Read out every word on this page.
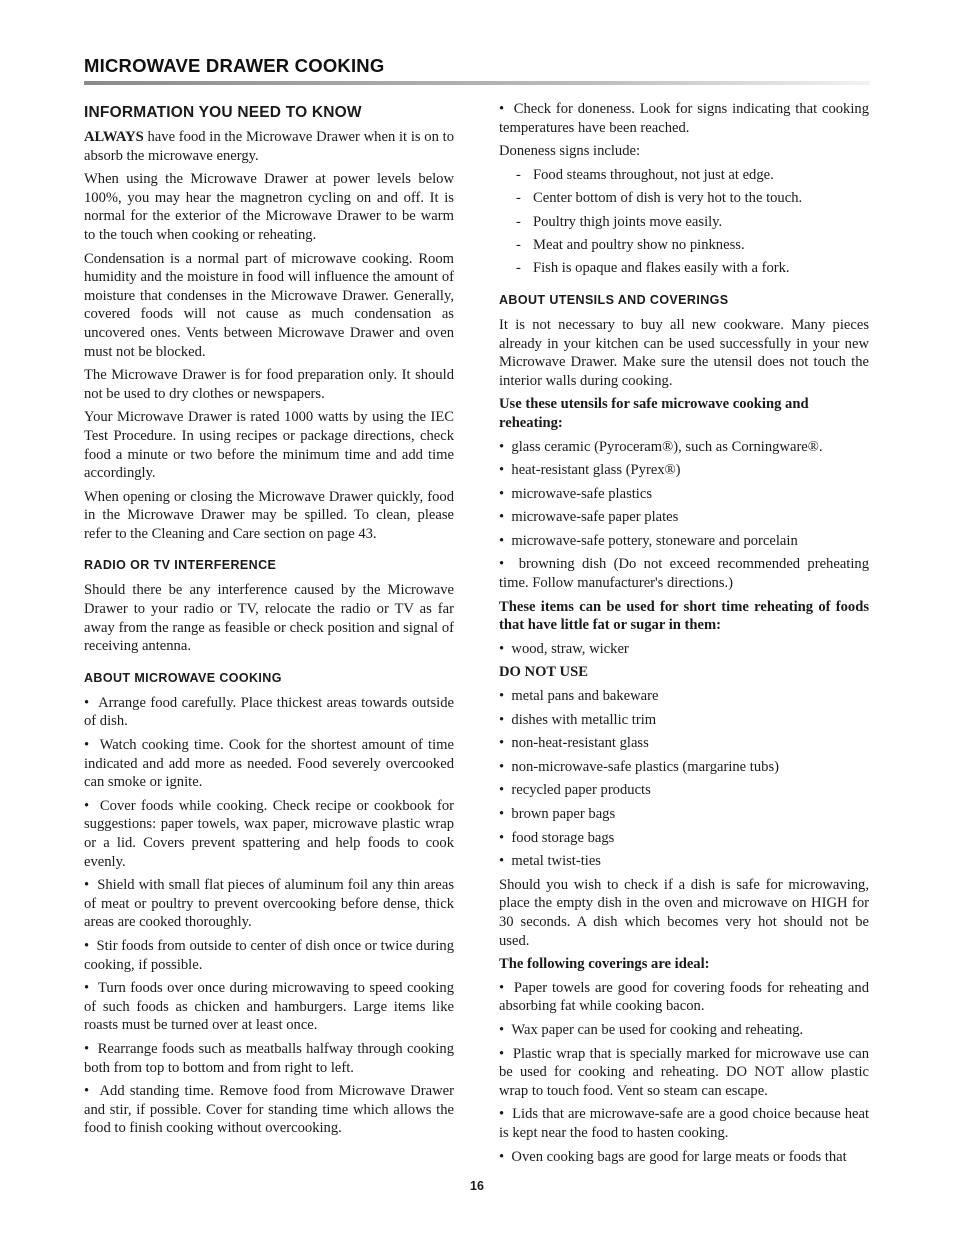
MICROWAVE DRAWER COOKING
INFORMATION YOU NEED TO KNOW

ALWAYS have food in the Microwave Drawer when it is on to absorb the microwave energy.

When using the Microwave Drawer at power levels below 100%, you may hear the magnetron cycling on and off. It is normal for the exterior of the Microwave Drawer to be warm to the touch when cooking or reheating.

Condensation is a normal part of microwave cooking. Room humidity and the moisture in food will influence the amount of moisture that condenses in the Microwave Drawer. Generally, covered foods will not cause as much condensation as uncovered ones. Vents between Microwave Drawer and oven must not be blocked.

The Microwave Drawer is for food preparation only. It should not be used to dry clothes or newspapers.

Your Microwave Drawer is rated 1000 watts by using the IEC Test Procedure. In using recipes or package directions, check food a minute or two before the minimum time and add time accordingly.

When opening or closing the Microwave Drawer quickly, food in the Microwave Drawer may be spilled. To clean, please refer to the Cleaning and Care section on page 43.

RADIO OR TV INTERFERENCE

Should there be any interference caused by the Microwave Drawer to your radio or TV, relocate the radio or TV as far away from the range as feasible or check position and signal of receiving antenna.

ABOUT MICROWAVE COOKING

•  Arrange food carefully. Place thickest areas towards outside of dish.

•  Watch cooking time. Cook for the shortest amount of time indicated and add more as needed. Food severely overcooked can smoke or ignite.

•  Cover foods while cooking. Check recipe or cookbook for suggestions: paper towels, wax paper, microwave plastic wrap or a lid. Covers prevent spattering and help foods to cook evenly.

•  Shield with small flat pieces of aluminum foil any thin areas of meat or poultry to prevent overcooking before dense, thick areas are cooked thoroughly.

•  Stir foods from outside to center of dish once or twice during cooking, if possible.

•  Turn foods over once during microwaving to speed cooking of such foods as chicken and hamburgers. Large items like roasts must be turned over at least once.

•  Rearrange foods such as meatballs halfway through cooking both from top to bottom and from right to left.

•  Add standing time. Remove food from Microwave Drawer and stir, if possible. Cover for standing time which allows the food to finish cooking without overcooking.

•  Check for doneness. Look for signs indicating that cooking temperatures have been reached.

Doneness signs include:

- Food steams throughout, not just at edge.
- Center bottom of dish is very hot to the touch.
- Poultry thigh joints move easily.
- Meat and poultry show no pinkness.
- Fish is opaque and flakes easily with a fork.
ABOUT UTENSILS AND COVERINGS

It is not necessary to buy all new cookware. Many pieces already in your kitchen can be used successfully in your new Microwave Drawer. Make sure the utensil does not touch the interior walls during cooking.

Use these utensils for safe microwave cooking and reheating:

•  glass ceramic (Pyroceram®), such as Corningware®.

•  heat-resistant glass (Pyrex®)

•  microwave-safe plastics

•  microwave-safe paper plates

•  microwave-safe pottery, stoneware and porcelain

•  browning dish (Do not exceed recommended preheating time. Follow manufacturer's directions.)

These items can be used for short time reheating of foods that have little fat or sugar in them:

•  wood, straw, wicker

DO NOT USE

•  metal pans and bakeware

•  dishes with metallic trim

•  non-heat-resistant glass

•  non-microwave-safe plastics (margarine tubs)

•  recycled paper products

•  brown paper bags

•  food storage bags

•  metal twist-ties

Should you wish to check if a dish is safe for microwaving, place the empty dish in the oven and microwave on HIGH for 30 seconds. A dish which becomes very hot should not be used.

The following coverings are ideal:

•  Paper towels are good for covering foods for reheating and absorbing fat while cooking bacon.

•  Wax paper can be used for cooking and reheating.

•  Plastic wrap that is specially marked for microwave use can be used for cooking and reheating. DO NOT allow plastic wrap to touch food. Vent so steam can escape.

•  Lids that are microwave-safe are a good choice because heat is kept near the food to hasten cooking.

•  Oven cooking bags are good for large meats or foods that

16
